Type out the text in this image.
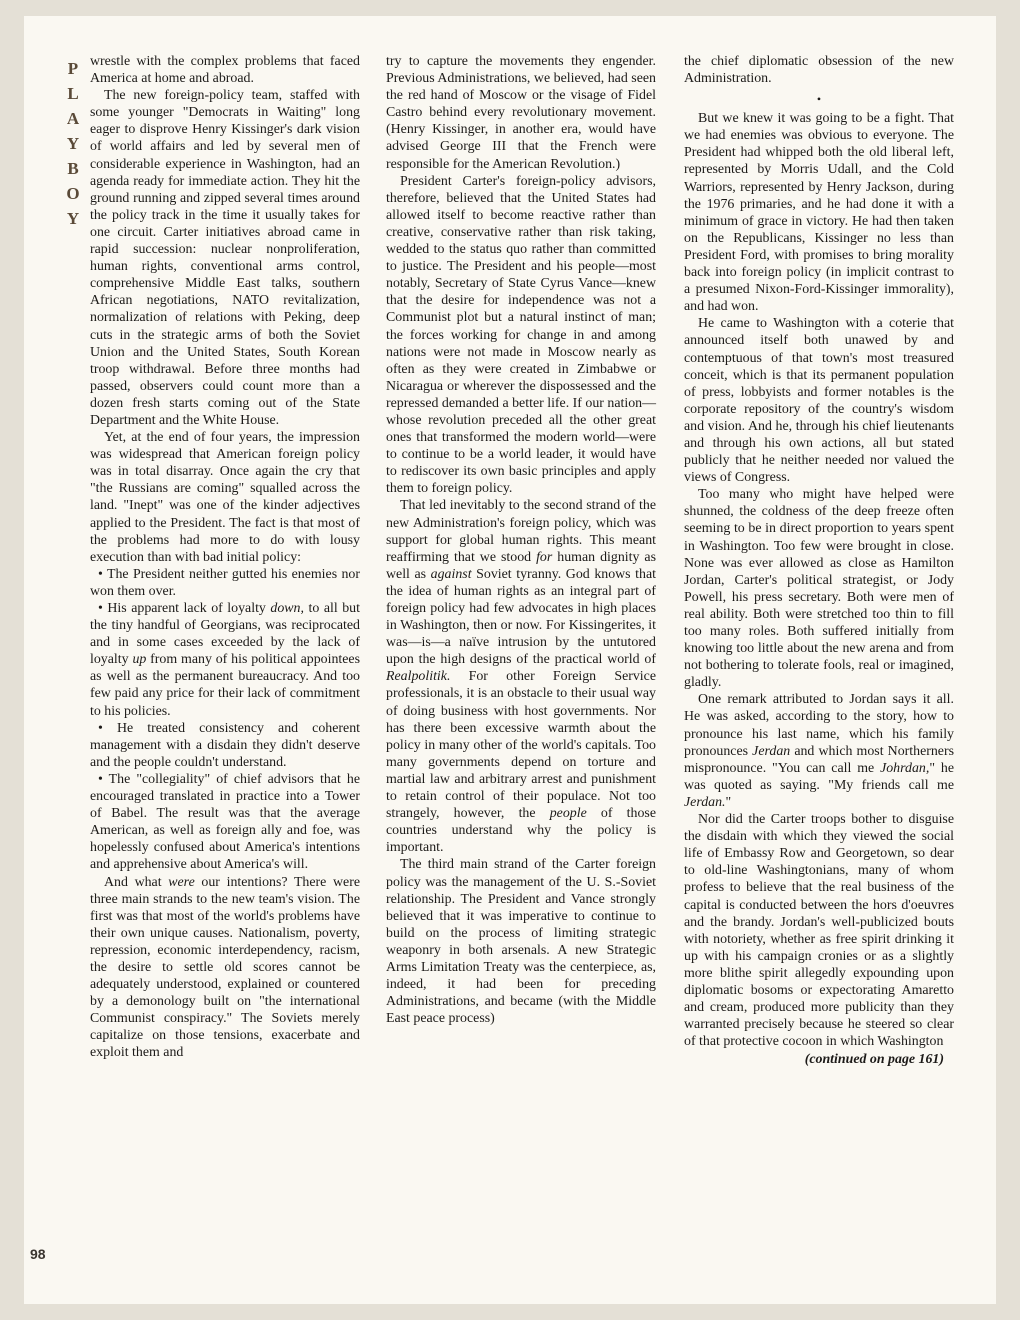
P
L
A
Y
B
O
Y
98

wrestle with the complex problems that faced America at home and abroad.

The new foreign-policy team, staffed with some younger "Democrats in Waiting" long eager to disprove Henry Kissinger's dark vision of world affairs and led by several men of considerable experience in Washington, had an agenda ready for immediate action. They hit the ground running and zipped several times around the policy track in the time it usually takes for one circuit. Carter initiatives abroad came in rapid succession: nuclear nonproliferation, human rights, conventional arms control, comprehensive Middle East talks, southern African negotiations, NATO revitalization, normalization of relations with Peking, deep cuts in the strategic arms of both the Soviet Union and the United States, South Korean troop withdrawal. Before three months had passed, observers could count more than a dozen fresh starts coming out of the State Department and the White House.

Yet, at the end of four years, the impression was widespread that American foreign policy was in total disarray. Once again the cry that "the Russians are coming" squalled across the land. "Inept" was one of the kinder adjectives applied to the President. The fact is that most of the problems had more to do with lousy execution than with bad initial policy:

• The President neither gutted his enemies nor won them over.

• His apparent lack of loyalty down, to all but the tiny handful of Georgians, was reciprocated and in some cases exceeded by the lack of loyalty up from many of his political appointees as well as the permanent bureaucracy. And too few paid any price for their lack of commitment to his policies.

• He treated consistency and coherent management with a disdain they didn't deserve and the people couldn't understand.

• The "collegiality" of chief advisors that he encouraged translated in practice into a Tower of Babel. The result was that the average American, as well as foreign ally and foe, was hopelessly confused about America's intentions and apprehensive about America's will.

And what were our intentions? There were three main strands to the new team's vision. The first was that most of the world's problems have their own unique causes. Nationalism, poverty, repression, economic interdependency, racism, the desire to settle old scores cannot be adequately understood, explained or countered by a demonology built on "the international Communist conspiracy." The Soviets merely capitalize on those tensions, exacerbate and exploit them and

try to capture the movements they engender. Previous Administrations, we believed, had seen the red hand of Moscow or the visage of Fidel Castro behind every revolutionary movement. (Henry Kissinger, in another era, would have advised George III that the French were responsible for the American Revolution.)

President Carter's foreign-policy advisors, therefore, believed that the United States had allowed itself to become reactive rather than creative, conservative rather than risk taking, wedded to the status quo rather than committed to justice. The President and his people—most notably, Secretary of State Cyrus Vance—knew that the desire for independence was not a Communist plot but a natural instinct of man; the forces working for change in and among nations were not made in Moscow nearly as often as they were created in Zimbabwe or Nicaragua or wherever the dispossessed and the repressed demanded a better life. If our nation—whose revolution preceded all the other great ones that transformed the modern world—were to continue to be a world leader, it would have to rediscover its own basic principles and apply them to foreign policy.

That led inevitably to the second strand of the new Administration's foreign policy, which was support for global human rights. This meant reaffirming that we stood for human dignity as well as against Soviet tyranny. God knows that the idea of human rights as an integral part of foreign policy had few advocates in high places in Washington, then or now. For Kissingerites, it was—is—a naïve intrusion by the untutored upon the high designs of the practical world of Realpolitik. For other Foreign Service professionals, it is an obstacle to their usual way of doing business with host governments. Nor has there been excessive warmth about the policy in many other of the world's capitals. Too many governments depend on torture and martial law and arbitrary arrest and punishment to retain control of their populace. Not too strangely, however, the people of those countries understand why the policy is important.

The third main strand of the Carter foreign policy was the management of the U. S.-Soviet relationship. The President and Vance strongly believed that it was imperative to continue to build on the process of limiting strategic weaponry in both arsenals. A new Strategic Arms Limitation Treaty was the centerpiece, as, indeed, it had been for preceding Administrations, and became (with the Middle East peace process)

the chief diplomatic obsession of the new Administration.

•

But we knew it was going to be a fight. That we had enemies was obvious to everyone. The President had whipped both the old liberal left, represented by Morris Udall, and the Cold Warriors, represented by Henry Jackson, during the 1976 primaries, and he had done it with a minimum of grace in victory. He had then taken on the Republicans, Kissinger no less than President Ford, with promises to bring morality back into foreign policy (in implicit contrast to a presumed Nixon-Ford-Kissinger immorality), and had won.

He came to Washington with a coterie that announced itself both unawed by and contemptuous of that town's most treasured conceit, which is that its permanent population of press, lobbyists and former notables is the corporate repository of the country's wisdom and vision. And he, through his chief lieutenants and through his own actions, all but stated publicly that he neither needed nor valued the views of Congress.

Too many who might have helped were shunned, the coldness of the deep freeze often seeming to be in direct proportion to years spent in Washington. Too few were brought in close. None was ever allowed as close as Hamilton Jordan, Carter's political strategist, or Jody Powell, his press secretary. Both were men of real ability. Both were stretched too thin to fill too many roles. Both suffered initially from knowing too little about the new arena and from not bothering to tolerate fools, real or imagined, gladly.

One remark attributed to Jordan says it all. He was asked, according to the story, how to pronounce his last name, which his family pronounces Jerdan and which most Northerners mispronounce. "You can call me Johrdan," he was quoted as saying. "My friends call me Jerdan."

Nor did the Carter troops bother to disguise the disdain with which they viewed the social life of Embassy Row and Georgetown, so dear to old-line Washingtonians, many of whom profess to believe that the real business of the capital is conducted between the hors d'oeuvres and the brandy. Jordan's well-publicized bouts with notoriety, whether as free spirit drinking it up with his campaign cronies or as a slightly more blithe spirit allegedly expounding upon diplomatic bosoms or expectorating Amaretto and cream, produced more publicity than they warranted precisely because he steered so clear of that protective cocoon in which Washington

(continued on page 161)
